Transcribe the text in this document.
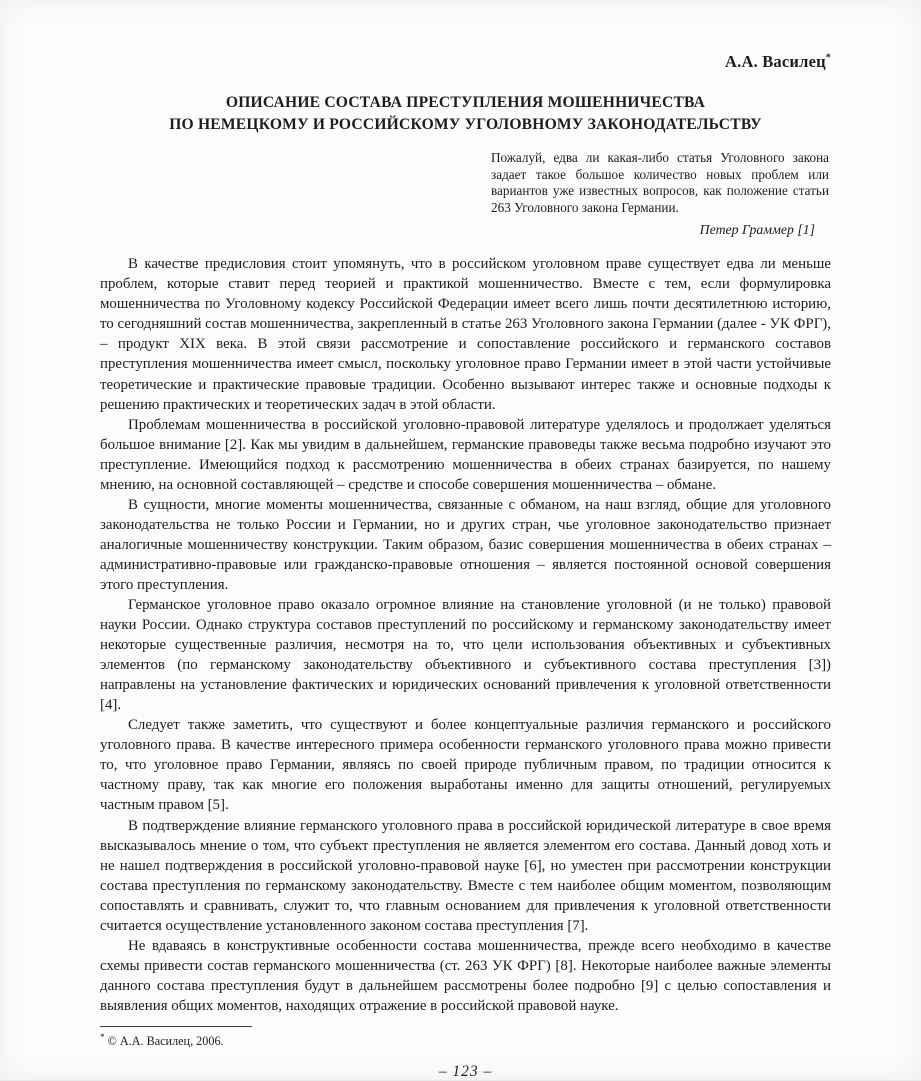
А.А. Василец*
ОПИСАНИЕ СОСТАВА ПРЕСТУПЛЕНИЯ МОШЕННИЧЕСТВА
ПО НЕМЕЦКОМУ И РОССИЙСКОМУ УГОЛОВНОМУ ЗАКОНОДАТЕЛЬСТВУ
Пожалуй, едва ли какая-либо статья Уголовного закона задает такое большое количество новых проблем или вариантов уже известных вопросов, как положение статьи 263 Уголовного закона Германии.
Петер Граммер [1]

В качестве предисловия стоит упомянуть, что в российском уголовном праве существует едва ли меньше проблем, которые ставит перед теорией и практикой мошенничество. Вместе с тем, если формулировка мошенничества по Уголовному кодексу Российской Федерации имеет всего лишь почти десятилетнюю историю, то сегодняшний состав мошенничества, закрепленный в статье 263 Уголовного закона Германии (далее - УК ФРГ), – продукт XIX века. В этой связи рассмотрение и сопоставление российского и германского составов преступления мошенничества имеет смысл, поскольку уголовное право Германии имеет в этой части устойчивые теоретические и практические правовые традиции. Особенно вызывают интерес также и основные подходы к решению практических и теоретических задач в этой области.

Проблемам мошенничества в российской уголовно-правовой литературе уделялось и продолжает уделяться большое внимание [2]. Как мы увидим в дальнейшем, германские правоведы также весьма подробно изучают это преступление. Имеющийся подход к рассмотрению мошенничества в обеих странах базируется, по нашему мнению, на основной составляющей – средстве и способе совершения мошенничества – обмане.

В сущности, многие моменты мошенничества, связанные с обманом, на наш взгляд, общие для уголовного законодательства не только России и Германии, но и других стран, чье уголовное законодательство признает аналогичные мошенничеству конструкции. Таким образом, базис совершения мошенничества в обеих странах – административно-правовые или гражданско-правовые отношения – является постоянной основой совершения этого преступления.

Германское уголовное право оказало огромное влияние на становление уголовной (и не только) правовой науки России. Однако структура составов преступлений по российскому и германскому законодательству имеет некоторые существенные различия, несмотря на то, что цели использования объективных и субъективных элементов (по германскому законодательству объективного и субъективного состава преступления [3]) направлены на установление фактических и юридических оснований привлечения к уголовной ответственности [4].

Следует также заметить, что существуют и более концептуальные различия германского и российского уголовного права. В качестве интересного примера особенности германского уголовного права можно привести то, что уголовное право Германии, являясь по своей природе публичным правом, по традиции относится к частному праву, так как многие его положения выработаны именно для защиты отношений, регулируемых частным правом [5].

В подтверждение влияние германского уголовного права в российской юридической литературе в свое время высказывалось мнение о том, что субъект преступления не является элементом его состава. Данный довод хоть и не нашел подтверждения в российской уголовно-правовой науке [6], но уместен при рассмотрении конструкции состава преступления по германскому законодательству. Вместе с тем наиболее общим моментом, позволяющим сопоставлять и сравнивать, служит то, что главным основанием для привлечения к уголовной ответственности считается осуществление установленного законом состава преступления [7].

Не вдаваясь в конструктивные особенности состава мошенничества, прежде всего необходимо в качестве схемы привести состав германского мошенничества (ст. 263 УК ФРГ) [8]. Некоторые наиболее важные элементы данного состава преступления будут в дальнейшем рассмотрены более подробно [9] с целью сопоставления и выявления общих моментов, находящих отражение в российской правовой науке.

* © А.А. Василец, 2006.
– 123 –
